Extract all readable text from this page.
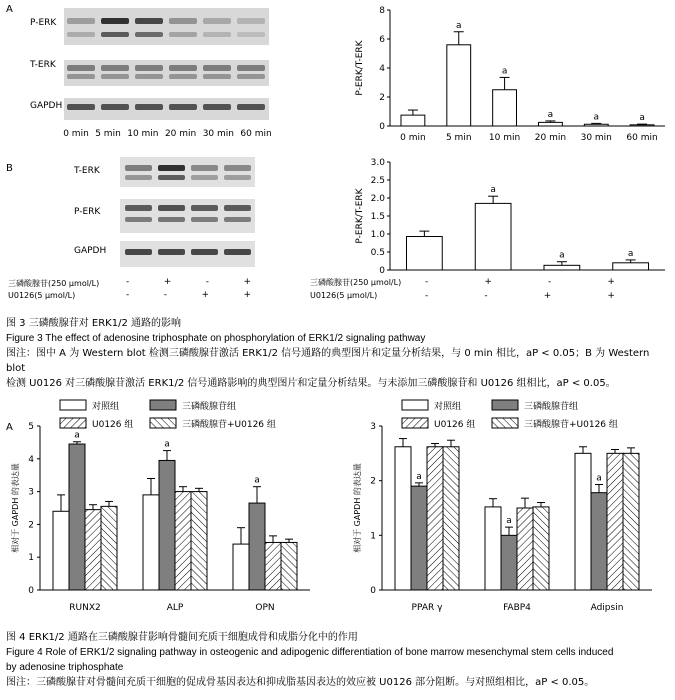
A
B
P-ERK
T-ERK
GAPDH
0 min 5 min 10 min 20 min 30 min 60 min
T-ERK
P-ERK
GAPDH
三磷酸腺苷(250 μmol/L)
U0126(5 μmol/L)
-	+	-	+
-	-	+	+
0
2
4
6
8
P-ERK/T-ERK
0 min
a
5 min
a
10 min
a
20 min
a
30 min
a
60 min
0
0.5
1.0
1.5
2.0
2.5
3.0
P-ERK/T-ERK	a
a	a
三磷酸腺苷(250 μmol/L)
U0126(5 μmol/L)
-	+	-	+
-	-	+	+
图 3 三磷酸腺苷对 ERK1/2 通路的影响
Figure 3 The effect of adenosine triphosphate on phosphorylation of ERK1/2 signaling pathway
图注：图中 A 为 Western blot 检测三磷酸腺苷激活 ERK1/2 信号通路的典型图片和定量分析结果，与 0 min 相比，aP < 0.05；B 为 Western blot
检测 U0126 对三磷酸腺苷激活 ERK1/2 信号通路影响的典型图片和定量分析结果。与未添加三磷酸腺苷和 U0126 组相比，aP < 0.05。
A
对照组	三磷酸腺苷组
U0126 组	三磷酸腺苷+U0126 组
0
1
2
3
4
5
相对于 GAPDH 的表达量
a
RUNX2
a
ALP
a
OPN
对照组	三磷酸腺苷组
U0126 组	三磷酸腺苷+U0126 组
0
1
2
3
相对于 GAPDH 的表达量	a
PPAR γ
a
FABP4
a
Adipsin
图 4 ERK1/2 通路在三磷酸腺苷影响骨髓间充质干细胞成骨和成脂分化中的作用
Figure 4 Role of ERK1/2 signaling pathway in osteogenic and adipogenic differentiation of bone marrow mesenchymal stem cells induced
by adenosine triphosphate
图注：三磷酸腺苷对骨髓间充质干细胞的促成骨基因表达和抑成脂基因表达的效应被 U0126 部分阻断。与对照组相比，aP < 0.05。
